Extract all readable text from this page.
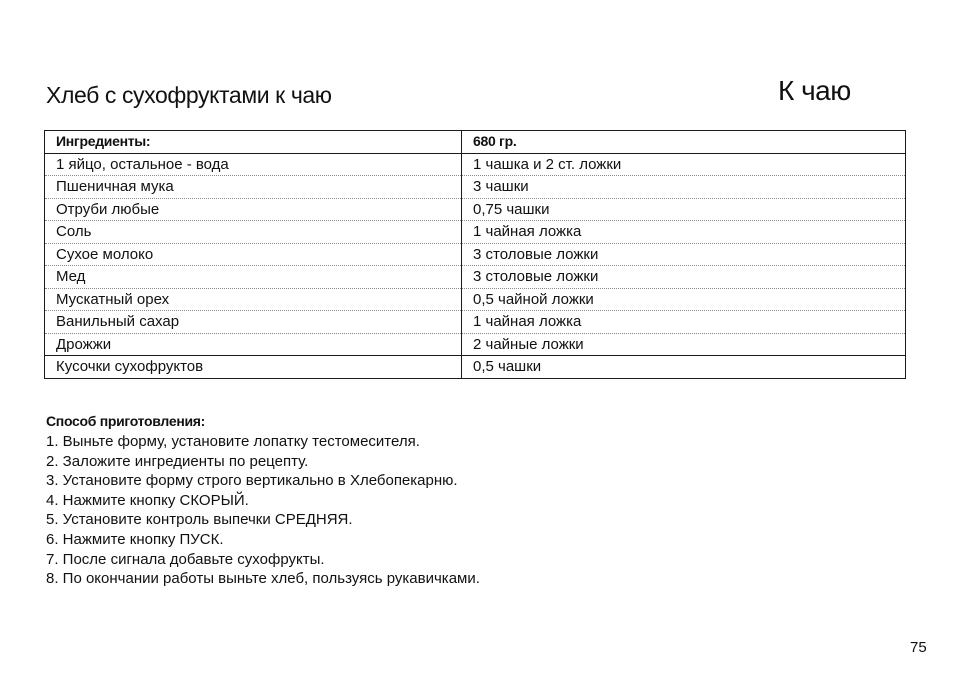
Хлеб с сухофруктами к чаю	К чаю
Ингредиенты:	680 гр.
1 яйцо, остальное - вода	1 чашка и 2 ст. ложки
Пшеничная мука	3 чашки
Отруби любые	0,75 чашки
Соль	1 чайная ложка
Сухое молоко	3 столовые ложки
Мед	3 столовые ложки
Мускатный орех	0,5 чайной ложки
Ванильный сахар	1 чайная ложка
Дрожжи	2 чайные ложки
Кусочки сухофруктов	0,5 чашки
Способ приготовления:
1. Выньте форму, установите лопатку тестомесителя.
2. Заложите ингредиенты по рецепту.
3. Установите форму строго вертикально в Хлебопекарню.
4. Нажмите кнопку СКОРЫЙ.
5. Установите контроль выпечки СРЕДНЯЯ.
6. Нажмите кнопку ПУСК.
7. После сигнала добавьте сухофрукты.
8. По окончании работы выньте хлеб, пользуясь рукавичками.
75
